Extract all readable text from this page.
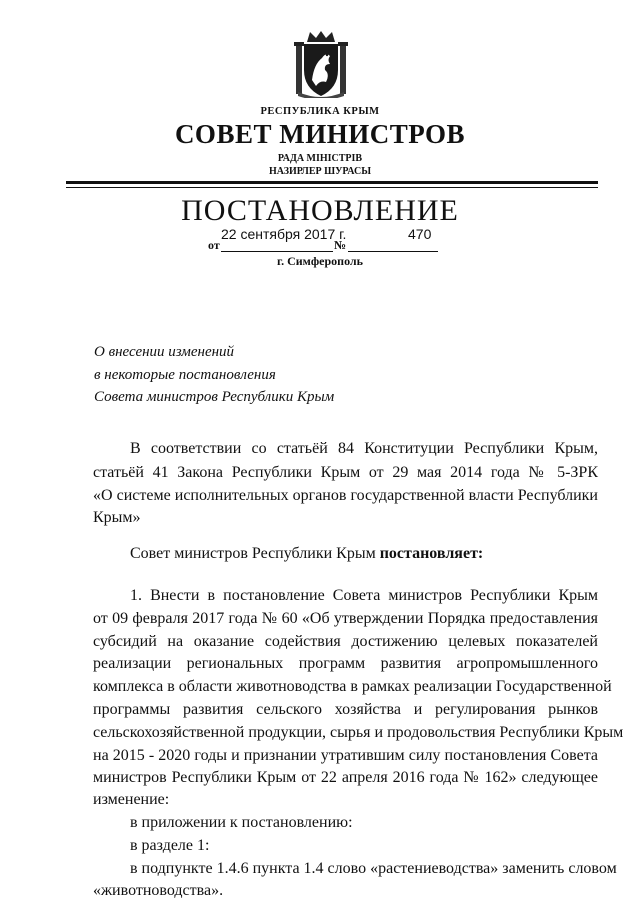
РЕСПУБЛИКА КРЫМ
СОВЕТ МИНИСТРОВ
РАДА МІНІСТРІВ
НАЗИРЛЕР ШУРАСЫ
ПОСТАНОВЛЕНИЕ
от
22 сентября 2017 г.
№
470
г. Симферополь
О внесении изменений
в некоторые постановления
Совета министров Республики Крым
В соответствии со статьёй 84 Конституции Республики Крым,
статьёй 41 Закона Республики Крым от 29 мая 2014 года № 5-ЗРК
«О системе исполнительных органов государственной власти Республики
Крым»
Совет министров Республики Крым постановляет:
1. Внести в постановление Совета министров Республики Крым
от 09 февраля 2017 года № 60 «Об утверждении Порядка предоставления
субсидий на оказание содействия достижению целевых показателей
реализации региональных программ развития агропромышленного
комплекса в области животноводства в рамках реализации Государственной
программы развития сельского хозяйства и регулирования рынков
сельскохозяйственной продукции, сырья и продовольствия Республики Крым
на 2015 - 2020 годы и признании утратившим силу постановления Совета
министров Республики Крым от 22 апреля 2016 года № 162» следующее
изменение:
в приложении к постановлению:
в разделе 1:
в подпункте 1.4.6 пункта 1.4 слово «растениеводства» заменить словом
«животноводства».
